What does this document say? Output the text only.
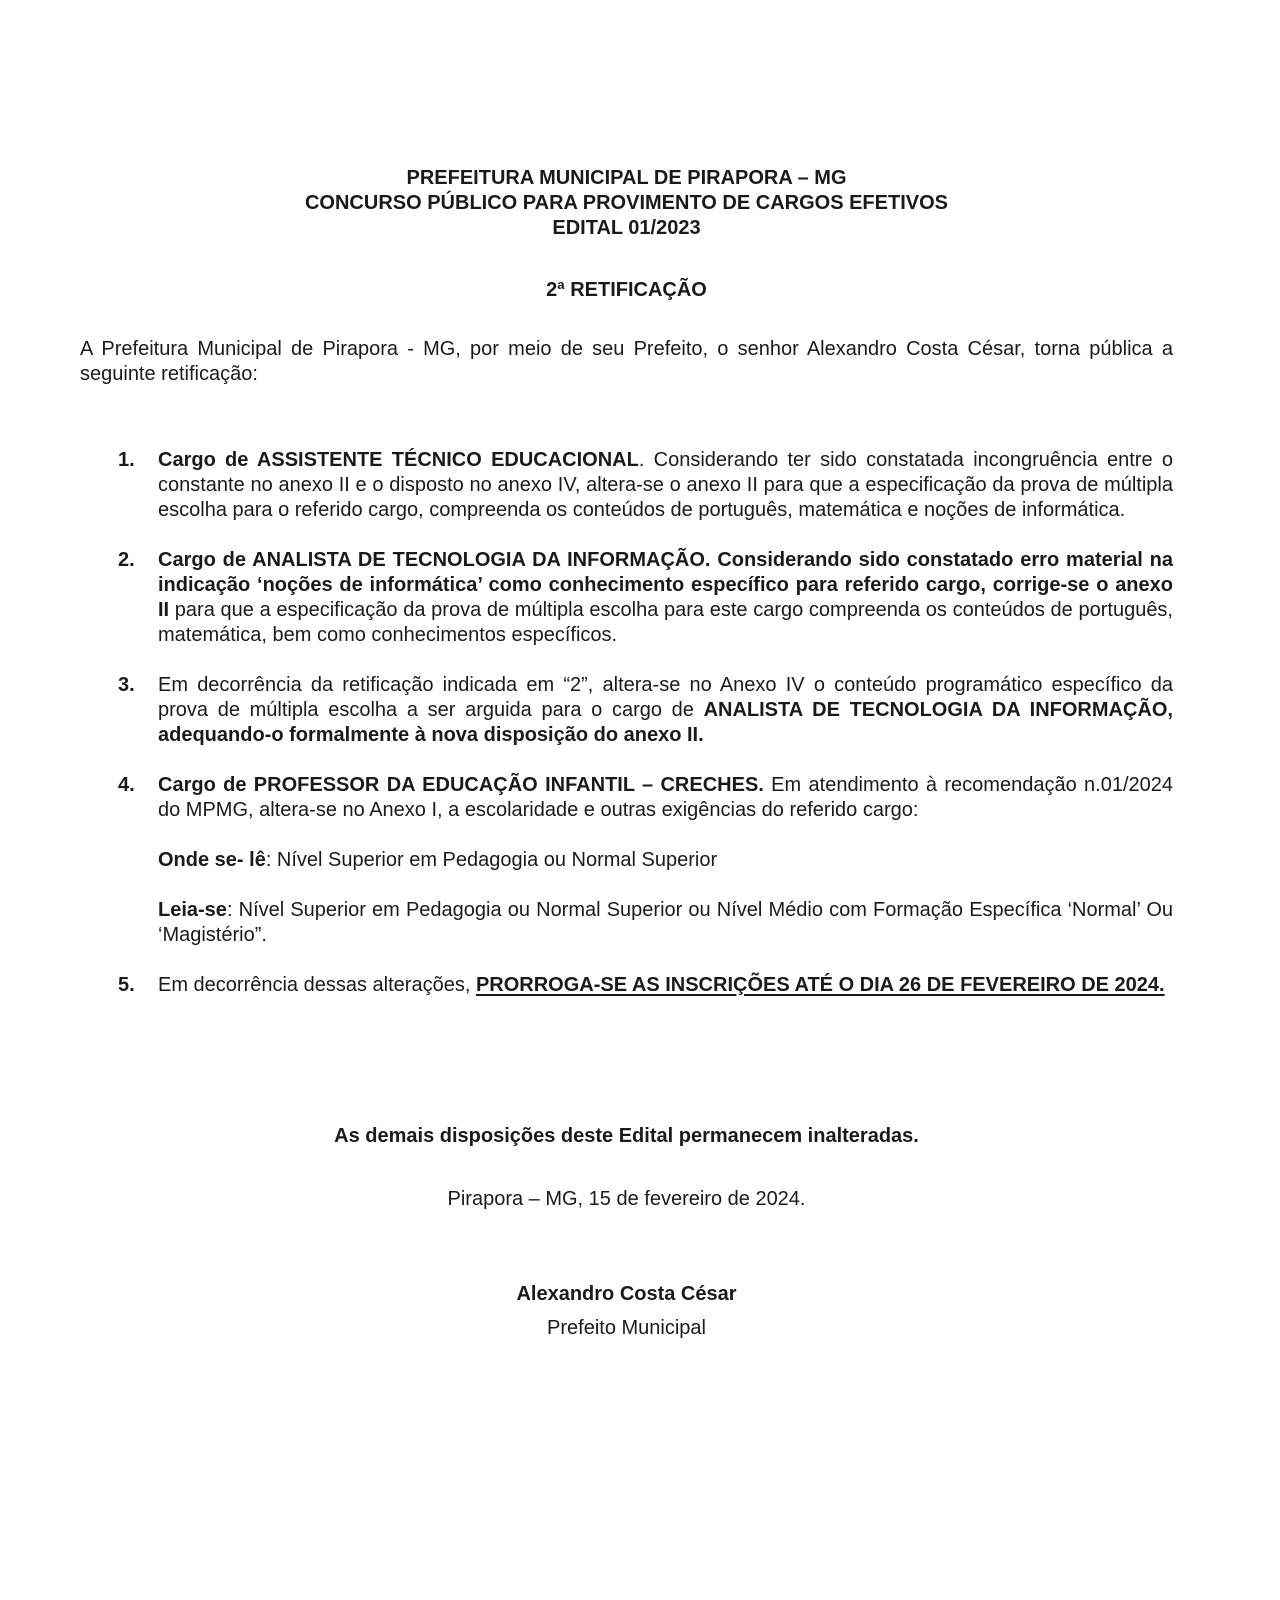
PREFEITURA MUNICIPAL DE PIRAPORA – MG
CONCURSO PÚBLICO PARA PROVIMENTO DE CARGOS EFETIVOS
EDITAL 01/2023
2ª RETIFICAÇÃO
A Prefeitura Municipal de Pirapora - MG, por meio de seu Prefeito, o senhor Alexandro Costa César, torna pública a seguinte retificação:
1. Cargo de ASSISTENTE TÉCNICO EDUCACIONAL. Considerando ter sido constatada incongruência entre o constante no anexo II e o disposto no anexo IV, altera-se o anexo II para que a especificação da prova de múltipla escolha para o referido cargo, compreenda os conteúdos de português, matemática e noções de informática.

2. Cargo de ANALISTA DE TECNOLOGIA DA INFORMAÇÃO. Considerando sido constatado erro material na indicação ‘noções de informática’ como conhecimento específico para referido cargo, corrige-se o anexo II para que a especificação da prova de múltipla escolha para este cargo compreenda os conteúdos de português, matemática, bem como conhecimentos específicos.

3. Em decorrência da retificação indicada em “2”, altera-se no Anexo IV o conteúdo programático específico da prova de múltipla escolha a ser arguida para o cargo de ANALISTA DE TECNOLOGIA DA INFORMAÇÃO, adequando-o formalmente à nova disposição do anexo II.

4. Cargo de PROFESSOR DA EDUCAÇÃO INFANTIL – CRECHES. Em atendimento à recomendação n.01/2024 do MPMG, altera-se no Anexo I, a escolaridade e outras exigências do referido cargo:

Onde se- lê: Nível Superior em Pedagogia ou Normal Superior

Leia-se: Nível Superior em Pedagogia ou Normal Superior ou Nível Médio com Formação Específica ‘Normal’ Ou ‘Magistério”.

5. Em decorrência dessas alterações, PRORROGA-SE AS INSCRIÇÕES ATÉ O DIA 26 DE FEVEREIRO DE 2024.

As demais disposições deste Edital permanecem inalteradas.
Pirapora – MG, 15 de fevereiro de 2024.
Alexandro Costa César
Prefeito Municipal
